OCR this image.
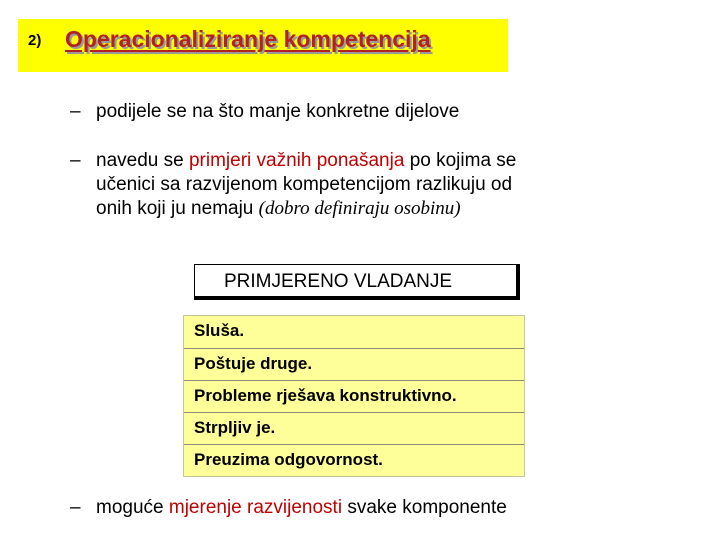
2) Operacionaliziranje kompetencija
– podijele se na što manje konkretne dijelove
– navedu se primjeri važnih ponašanja po kojima se
učenici sa razvijenom kompetencijom razlikuju od
onih koji ju nemaju (dobro definiraju osobinu)
PRIMJERENO VLADANJE
Sluša.
Poštuje druge.
Probleme rješava konstruktivno.
Strpljiv je.
Preuzima odgovornost.
– moguće mjerenje razvijenosti svake komponente
